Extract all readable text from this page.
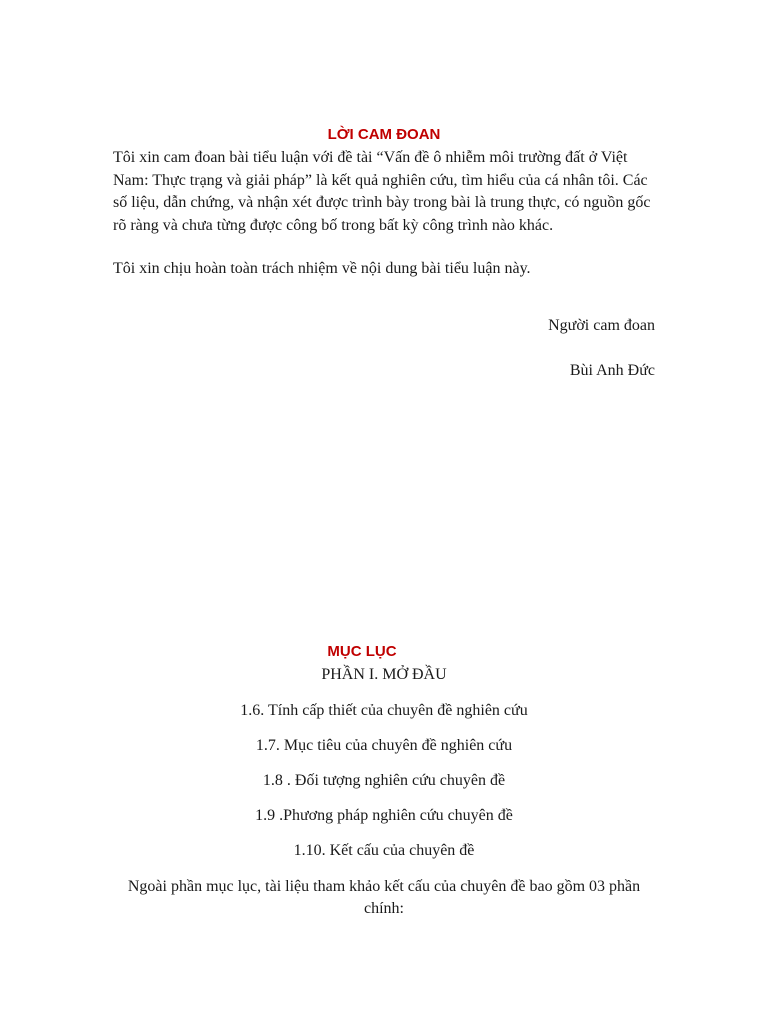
LỜI CAM ĐOAN
Tôi xin cam đoan bài tiểu luận với đề tài “Vấn đề ô nhiễm môi trường đất ở Việt Nam: Thực trạng và giải pháp” là kết quả nghiên cứu, tìm hiểu của cá nhân tôi. Các số liệu, dẫn chứng, và nhận xét được trình bày trong bài là trung thực, có nguồn gốc rõ ràng và chưa từng được công bố trong bất kỳ công trình nào khác.
Tôi xin chịu hoàn toàn trách nhiệm về nội dung bài tiểu luận này.
Người cam đoan
Bùi Anh Đức
MỤC LỤC
PHẦN I. MỞ ĐẦU
1.6. Tính cấp thiết của chuyên đề nghiên cứu
1.7. Mục tiêu của chuyên đề nghiên cứu
1.8 . Đối tượng nghiên cứu chuyên đề
1.9 .Phương pháp nghiên cứu chuyên đề
1.10. Kết cấu của chuyên đề
Ngoài phần mục lục, tài liệu tham khảo kết cấu của chuyên đề bao gồm 03 phần chính:
